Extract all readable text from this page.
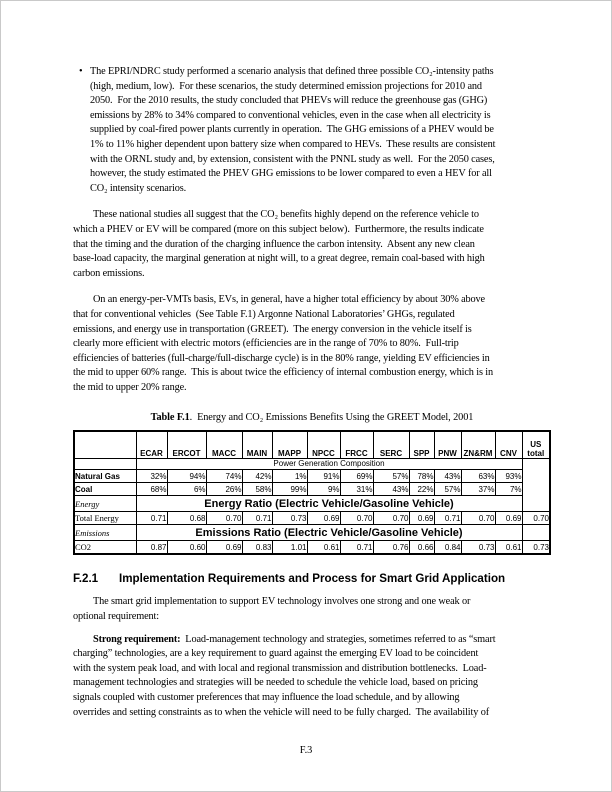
• The EPRI/NDRC study performed a scenario analysis that defined three possible CO₂-intensity paths
(high, medium, low).  For these scenarios, the study determined emission projections for 2010 and
2050.  For the 2010 results, the study concluded that PHEVs will reduce the greenhouse gas (GHG)
emissions by 28% to 34% compared to conventional vehicles, even in the case when all electricity is
supplied by coal-fired power plants currently in operation.  The GHG emissions of a PHEV would be
1% to 11% higher dependent upon battery size when compared to HEVs.  These results are consistent
with the ORNL study and, by extension, consistent with the PNNL study as well.  For the 2050 cases,
however, the study estimated the PHEV GHG emissions to be lower compared to even a HEV for all
CO₂ intensity scenarios.
These national studies all suggest that the CO₂ benefits highly depend on the reference vehicle to
which a PHEV or EV will be compared (more on this subject below).  Furthermore, the results indicate
that the timing and the duration of the charging influence the carbon intensity.  Absent any new clean
base-load capacity, the marginal generation at night will, to a great degree, remain coal-based with high
carbon emissions.
On an energy-per-VMTs basis, EVs, in general, have a higher total efficiency by about 30% above
that for conventional vehicles  (See Table F.1) Argonne National Laboratories’ GHGs, regulated
emissions, and energy use in transportation (GREET).  The energy conversion in the vehicle itself is
clearly more efficient with electric motors (efficiencies are in the range of 70% to 80%.  Full-trip
efficiencies of batteries (full-charge/full-discharge cycle) is in the 80% range, yielding EV efficiencies in
the mid to upper 60% range.  This is about twice the efficiency of internal combustion energy, which is in
the mid to upper 20% range.
Table F.1.  Energy and CO₂ Emissions Benefits Using the GREET Model, 2001
	ECAR	ERCOT	MACC	MAIN	MAPP	NPCC	FRCC	SERC	SPP	PNW	ZN&RM	CNV	US total
	Power Generation Composition												
Natural Gas	32%	94%	74%	42%	1%	91%	69%	57%	78%	43%	63%	93%	
Coal	68%	6%	26%	58%	99%	9%	31%	43%	22%	57%	37%	7%	
Energy	Energy Ratio (Electric Vehicle/Gasoline Vehicle)												
Total Energy	0.71	0.68	0.70	0.71	0.73	0.69	0.70	0.70	0.69	0.71	0.70	0.69	0.70
Emissions	Emissions Ratio (Electric Vehicle/Gasoline Vehicle)												
CO2	0.87	0.60	0.69	0.83	1.01	0.61	0.71	0.76	0.66	0.84	0.73	0.61	0.73
F.2.1 Implementation Requirements and Process for Smart Grid Application
The smart grid implementation to support EV technology involves one strong and one weak or
optional requirement:
Strong requirement:  Load-management technology and strategies, sometimes referred to as “smart
charging” technologies, are a key requirement to guard against the emerging EV load to be coincident
with the system peak load, and with local and regional transmission and distribution bottlenecks.  Load-
management technologies and strategies will be needed to schedule the vehicle load, based on pricing
signals coupled with customer preferences that may influence the load schedule, and by allowing
overrides and setting constraints as to when the vehicle will need to be fully charged.  The availability of
F.3
